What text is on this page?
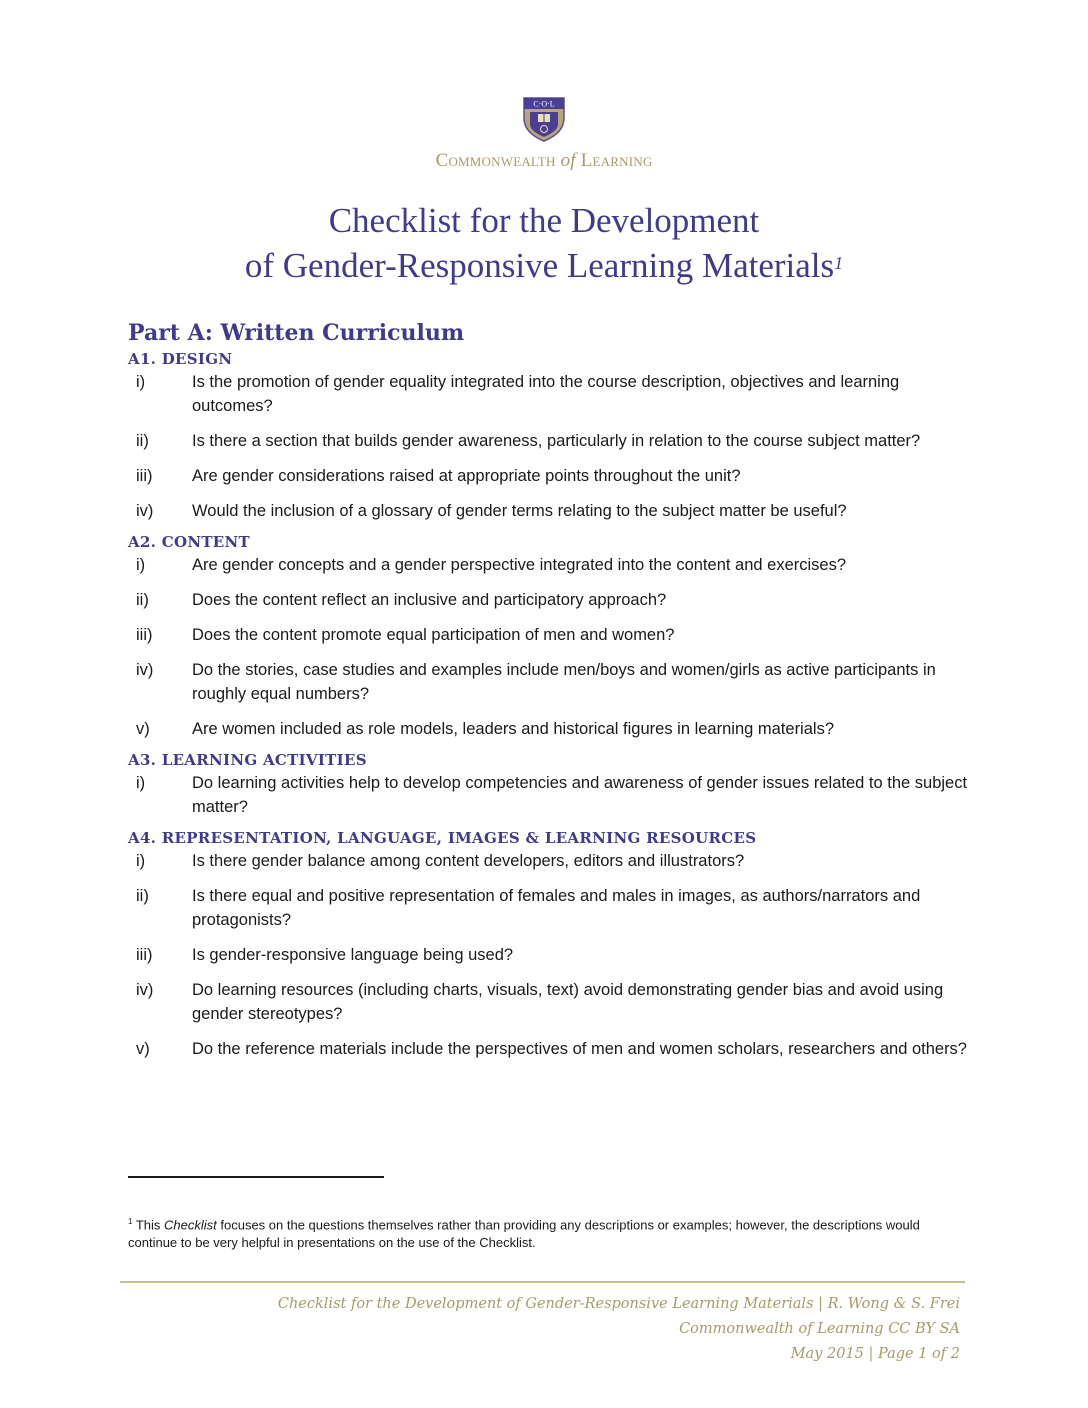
C·O·L
Commonwealth of Learning
Checklist for the Development
of Gender-Responsive Learning Materials$^1$
Part A: Written Curriculum
A1. DESIGN
i)	Is the promotion of gender equality integrated into the course description, objectives and learning outcomes?
ii)	Is there a section that builds gender awareness, particularly in relation to the course subject matter?
iii)	Are gender considerations raised at appropriate points throughout the unit?
iv)	Would the inclusion of a glossary of gender terms relating to the subject matter be useful?
A2. CONTENT
i)	Are gender concepts and a gender perspective integrated into the content and exercises?
ii)	Does the content reflect an inclusive and participatory approach?
iii)	Does the content promote equal participation of men and women?
iv)	Do the stories, case studies and examples include men/boys and women/girls as active participants in roughly equal numbers?
v)	Are women included as role models, leaders and historical figures in learning materials?
A3. LEARNING ACTIVITIES
i)	Do learning activities help to develop competencies and awareness of gender issues related to the subject matter?
A4. REPRESENTATION, LANGUAGE, IMAGES & LEARNING RESOURCES
i)	Is there gender balance among content developers, editors and illustrators?
ii)	Is there equal and positive representation of females and males in images, as authors/narrators and protagonists?
iii)	Is gender-responsive language being used?
iv)	Do learning resources (including charts, visuals, text) avoid demonstrating gender bias and avoid using gender stereotypes?
v)	Do the reference materials include the perspectives of men and women scholars, researchers and others?
$^1$ This Checklist focuses on the questions themselves rather than providing any descriptions or examples; however, the descriptions would continue to be very helpful in presentations on the use of the Checklist.
Checklist for the Development of Gender-Responsive Learning Materials | R. Wong & S. Frei
Commonwealth of Learning CC BY SA
May 2015 | Page 1 of 2
